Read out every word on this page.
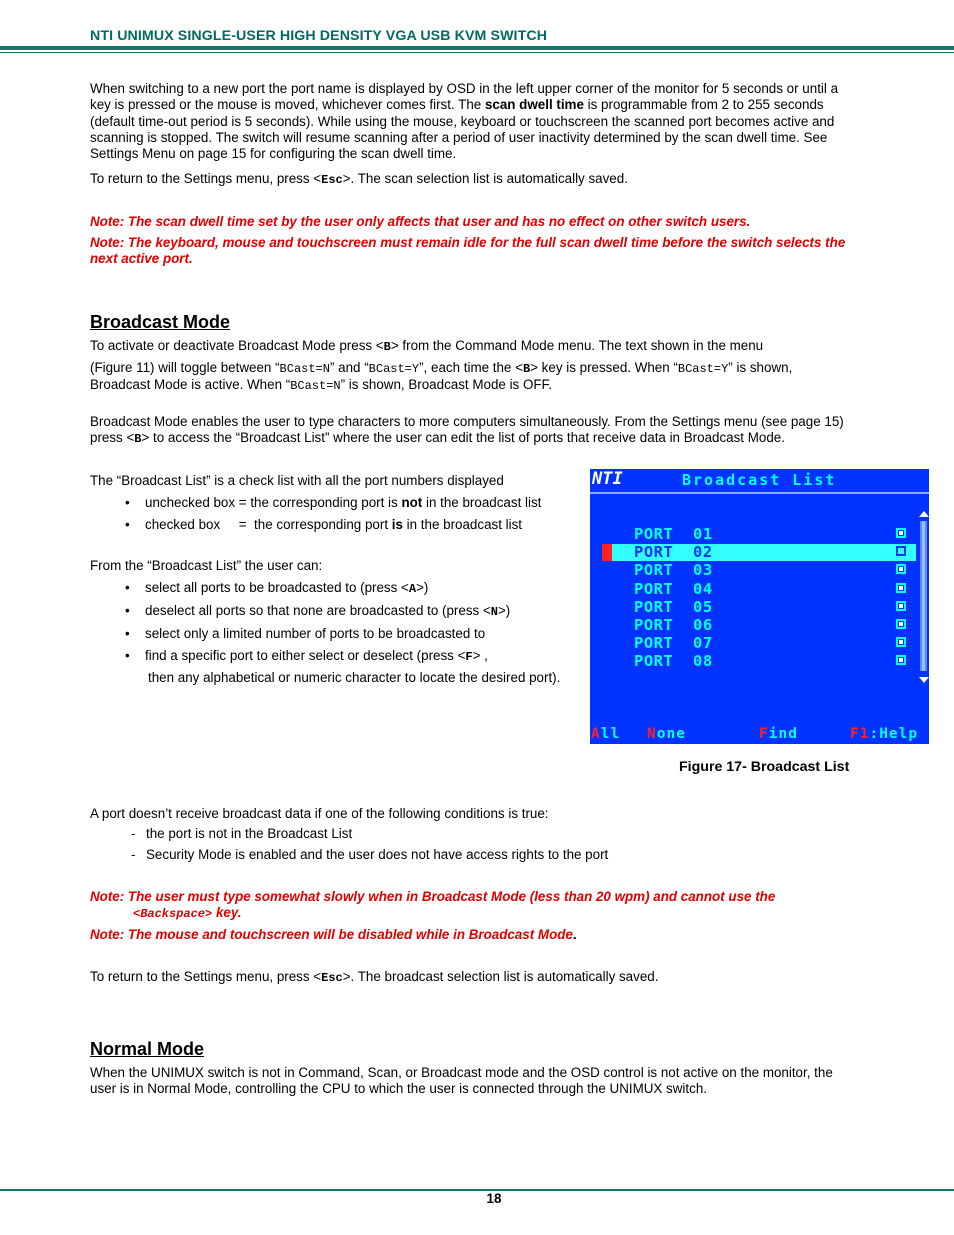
NTI UNIMUX SINGLE-USER HIGH DENSITY VGA USB KVM SWITCH
When switching to a new port the port name is displayed by OSD in the left upper corner of the monitor for 5 seconds or until a
key is pressed or the mouse is moved, whichever comes first. The scan dwell time is programmable from 2 to 255 seconds
(default time-out period is 5 seconds). While using the mouse, keyboard or touchscreen the scanned port becomes active and
scanning is stopped. The switch will resume scanning after a period of user inactivity determined by the scan dwell time. See
Settings Menu on page 15 for configuring the scan dwell time.
To return to the Settings menu, press <Esc>. The scan selection list is automatically saved.
Note: The scan dwell time set by the user only affects that user and has no effect on other switch users.
Note: The keyboard, mouse and touchscreen must remain idle for the full scan dwell time before the switch selects the
next active port.
Broadcast Mode
To activate or deactivate Broadcast Mode press <B> from the Command Mode menu. The text shown in the menu
(Figure 11) will toggle between “BCast=N” and “BCast=Y”, each time the <B> key is pressed. When “BCast=Y” is shown,
Broadcast Mode is active. When “BCast=N” is shown, Broadcast Mode is OFF.
Broadcast Mode enables the user to type characters to more computers simultaneously. From the Settings menu (see page 15)
press <B> to access the “Broadcast List” where the user can edit the list of ports that receive data in Broadcast Mode.
The “Broadcast List” is a check list with all the port numbers displayed
• unchecked box = the corresponding port is not in the broadcast list
• checked box     =  the corresponding port is in the broadcast list
From the “Broadcast List” the user can:
• select all ports to be broadcasted to (press <A>)
• deselect all ports so that none are broadcasted to (press <N>)
• select only a limited number of ports to be broadcasted to
• find a specific port to either select or deselect (press <F> ,
then any alphabetical or numeric character to locate the desired port).
NTI	Broadcast List
PORT  01
PORT  02
PORT  03
PORT  04
PORT  05
PORT  06
PORT  07
PORT  08
All None	Find	F1:Help
Figure 17- Broadcast List
A port doesn’t receive broadcast data if one of the following conditions is true:
- the port is not in the Broadcast List
- Security Mode is enabled and the user does not have access rights to the port
Note: The user must type somewhat slowly when in Broadcast Mode (less than 20 wpm) and cannot use the
<Backspace> key.
Note: The mouse and touchscreen will be disabled while in Broadcast Mode.
To return to the Settings menu, press <Esc>. The broadcast selection list is automatically saved.
Normal Mode
When the UNIMUX switch is not in Command, Scan, or Broadcast mode and the OSD control is not active on the monitor, the
user is in Normal Mode, controlling the CPU to which the user is connected through the UNIMUX switch.
18
